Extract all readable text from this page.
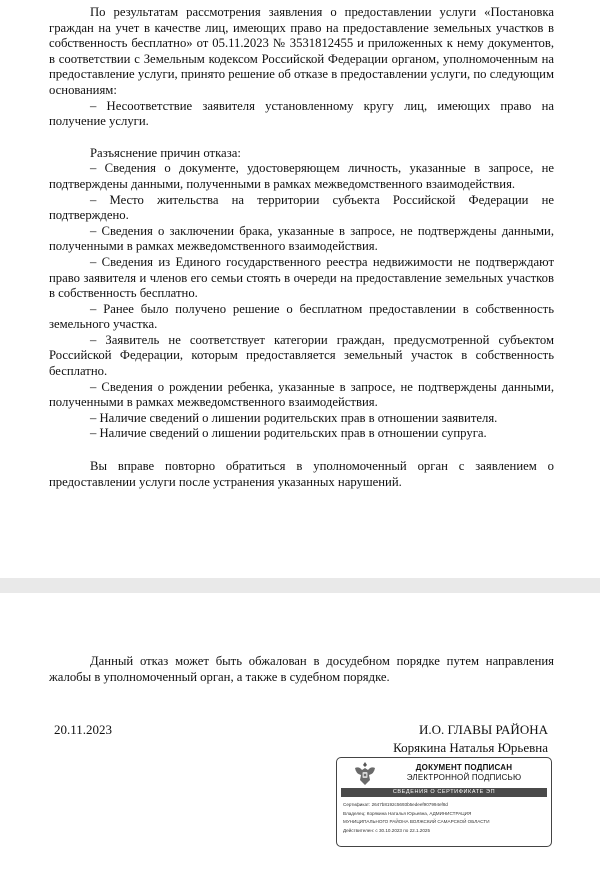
По результатам рассмотрения заявления о предоставлении услуги «Постановка граждан на учет в качестве лиц, имеющих право на предоставление земельных участков в собственность бесплатно» от 05.11.2023 № 3531812455 и приложенных к нему документов, в соответствии с Земельным кодексом Российской Федерации органом, уполномоченным на предоставление услуги, принято решение об отказе в предоставлении услуги, по следующим основаниям:

– Несоответствие заявителя установленному кругу лиц, имеющих право на получение услуги.

Разъяснение причин отказа:

– Сведения о документе, удостоверяющем личность, указанные в запросе, не подтверждены данными, полученными в рамках межведомственного взаимодействия.

– Место жительства на территории субъекта Российской Федерации не подтверждено.

– Сведения о заключении брака, указанные в запросе, не подтверждены данными, полученными в рамках межведомственного взаимодействия.

– Сведения из Единого государственного реестра недвижимости не подтверждают право заявителя и членов его семьи стоять в очереди на предоставление земельных участков в собственность бесплатно.

– Ранее было получено решение о бесплатном предоставлении в собственность земельного участка.

– Заявитель не соответствует категории граждан, предусмотренной субъектом Российской Федерации, которым предоставляется земельный участок в собственность бесплатно.

– Сведения о рождении ребенка, указанные в запросе, не подтверждены данными, полученными в рамках межведомственного взаимодействия.

– Наличие сведений о лишении родительских прав в отношении заявителя.

– Наличие сведений о лишении родительских прав в отношении супруга.

Вы вправе повторно обратиться в уполномоченный орган с заявлением о предоставлении услуги после устранения указанных нарушений.

Данный отказ может быть обжалован в досудебном порядке путем направления жалобы в уполномоченный орган, а также в судебном порядке.

20.11.2023	И.О. ГЛАВЫ РАЙОНА
Корякина Наталья Юрьевна
ДОКУМЕНТ ПОДПИСАН
ЭЛЕКТРОННОЙ ПОДПИСЬЮ
СВЕДЕНИЯ О СЕРТИФИКАТЕ ЭП
Сертификат: 2647b8192c5693b5edeef907994ef8d
Владелец: Корякина Наталья Юрьевна, АДМИНИСТРАЦИЯ
МУНИЦИПАЛЬНОГО РАЙОНА ВОЛЖСКИЙ САМАРСКОЙ ОБЛАСТИ
Действителен: с 30.10.2023 по 22.1.2025
